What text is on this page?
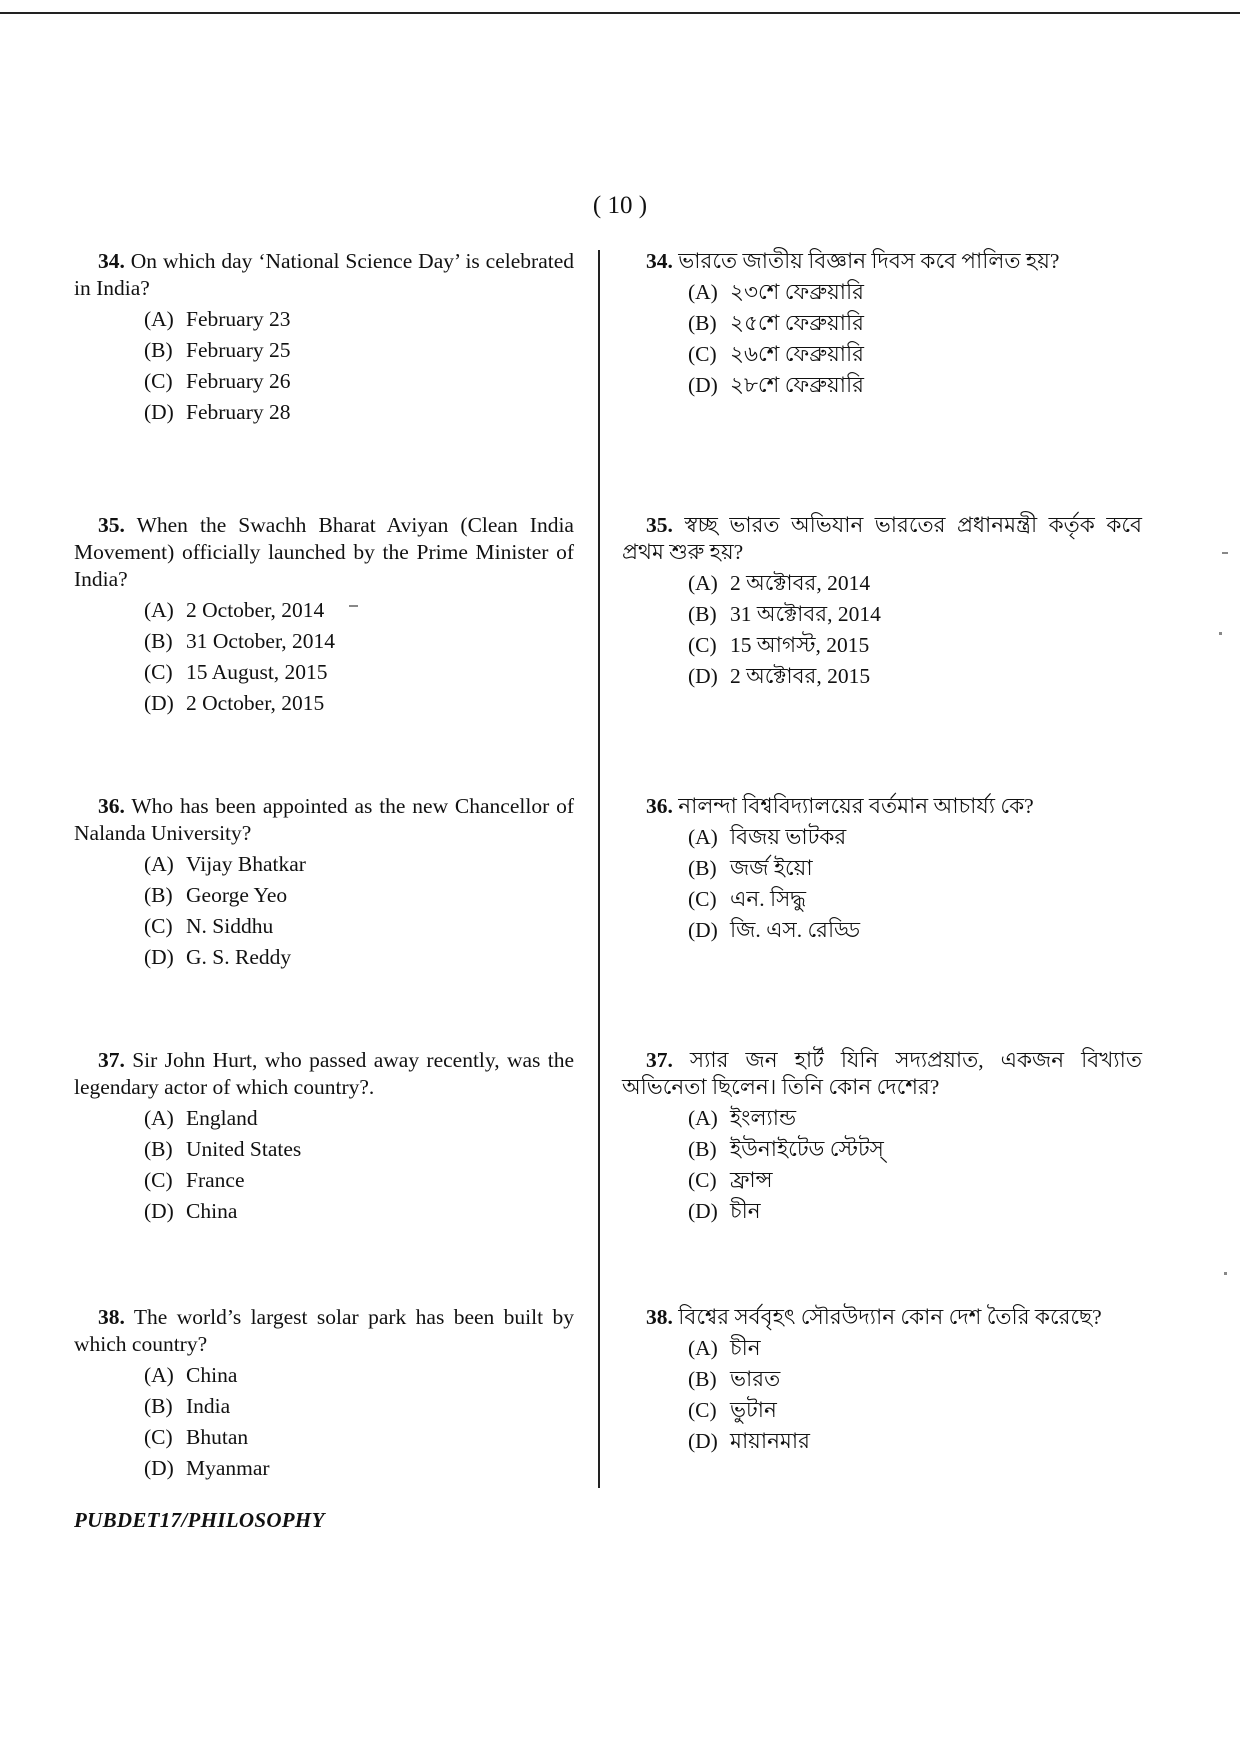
( 10 )
34. On which day ‘National Science Day’ is celebrated in India?
(A) February 23
(B) February 25
(C) February 26
(D) February 28
35. When the Swachh Bharat Aviyan (Clean India Movement) officially launched by the Prime Minister of India?
(A) 2 October, 2014
(B) 31 October, 2014
(C) 15 August, 2015
(D) 2 October, 2015
36. Who has been appointed as the new Chancellor of Nalanda University?
(A) Vijay Bhatkar
(B) George Yeo
(C) N. Siddhu
(D) G. S. Reddy
37. Sir John Hurt, who passed away recently, was the legendary actor of which country?.
(A) England
(B) United States
(C) France
(D) China
38. The world’s largest solar park has been built by which country?
(A) China
(B) India
(C) Bhutan
(D) Myanmar
34. ভারতে জাতীয় বিজ্ঞান দিবস কবে পালিত হয়?
(A) ২৩শে ফেব্রুয়ারি
(B) ২৫শে ফেব্রুয়ারি
(C) ২৬শে ফেব্রুয়ারি
(D) ২৮শে ফেব্রুয়ারি
35. স্বচ্ছ ভারত অভিযান ভারতের প্রধানমন্ত্রী কর্তৃক কবে প্রথম শুরু হয়?
(A) 2 অক্টোবর, 2014
(B) 31 অক্টোবর, 2014
(C) 15 আগস্ট, 2015
(D) 2 অক্টোবর, 2015
36. নালন্দা বিশ্ববিদ্যালয়ের বর্তমান আচার্য্য কে?
(A) বিজয় ভাটকর
(B) জর্জ ইয়ো
(C) এন. সিদ্ধু
(D) জি. এস. রেড্ডি
37. স্যার জন হার্ট যিনি সদ্যপ্রয়াত, একজন বিখ্যাত অভিনেতা ছিলেন। তিনি কোন দেশের?
(A) ইংল্যান্ড
(B) ইউনাইটেড স্টেটস্
(C) ফ্রান্স
(D) চীন
38. বিশ্বের সর্ববৃহৎ সৌরউদ্যান কোন দেশ তৈরি করেছে?
(A) চীন
(B) ভারত
(C) ভুটান
(D) মায়ানমার
PUBDET17/PHILOSOPHY
